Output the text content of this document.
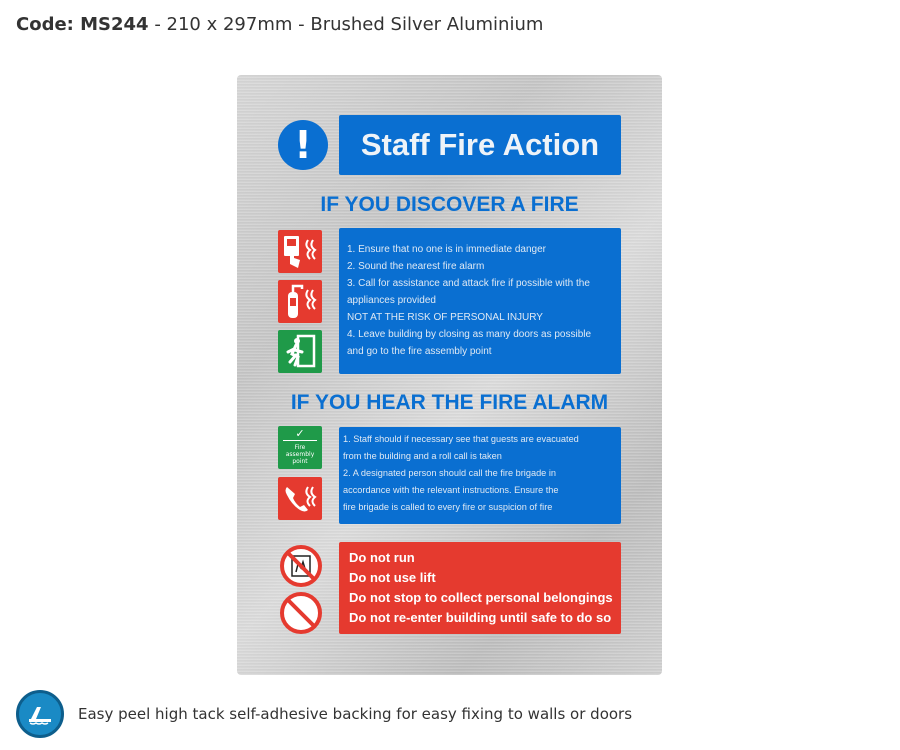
Code: MS244 - 210 x 297mm - Brushed Silver Aluminium
!	Staff Fire Action
IF YOU DISCOVER A FIRE
1. Ensure that no one is in immediate danger
2. Sound the nearest fire alarm
3. Call for assistance and attack fire if possible with the
appliances provided
NOT AT THE RISK OF PERSONAL INJURY
4. Leave building by closing as many doors as possible
and go to the fire assembly point
IF YOU HEAR THE FIRE ALARM
✓
Fire
assembly
point
1. Staff should if necessary see that guests are evacuated
from the building and a roll call is taken
2. A designated person should call the fire brigade in
accordance with the relevant instructions. Ensure the
fire brigade is called to every fire or suspicion of fire
Do not run
Do not use lift
Do not stop to collect personal belongings
Do not re-enter building until safe to do so
Easy peel high tack self-adhesive backing for easy fixing to walls or doors
